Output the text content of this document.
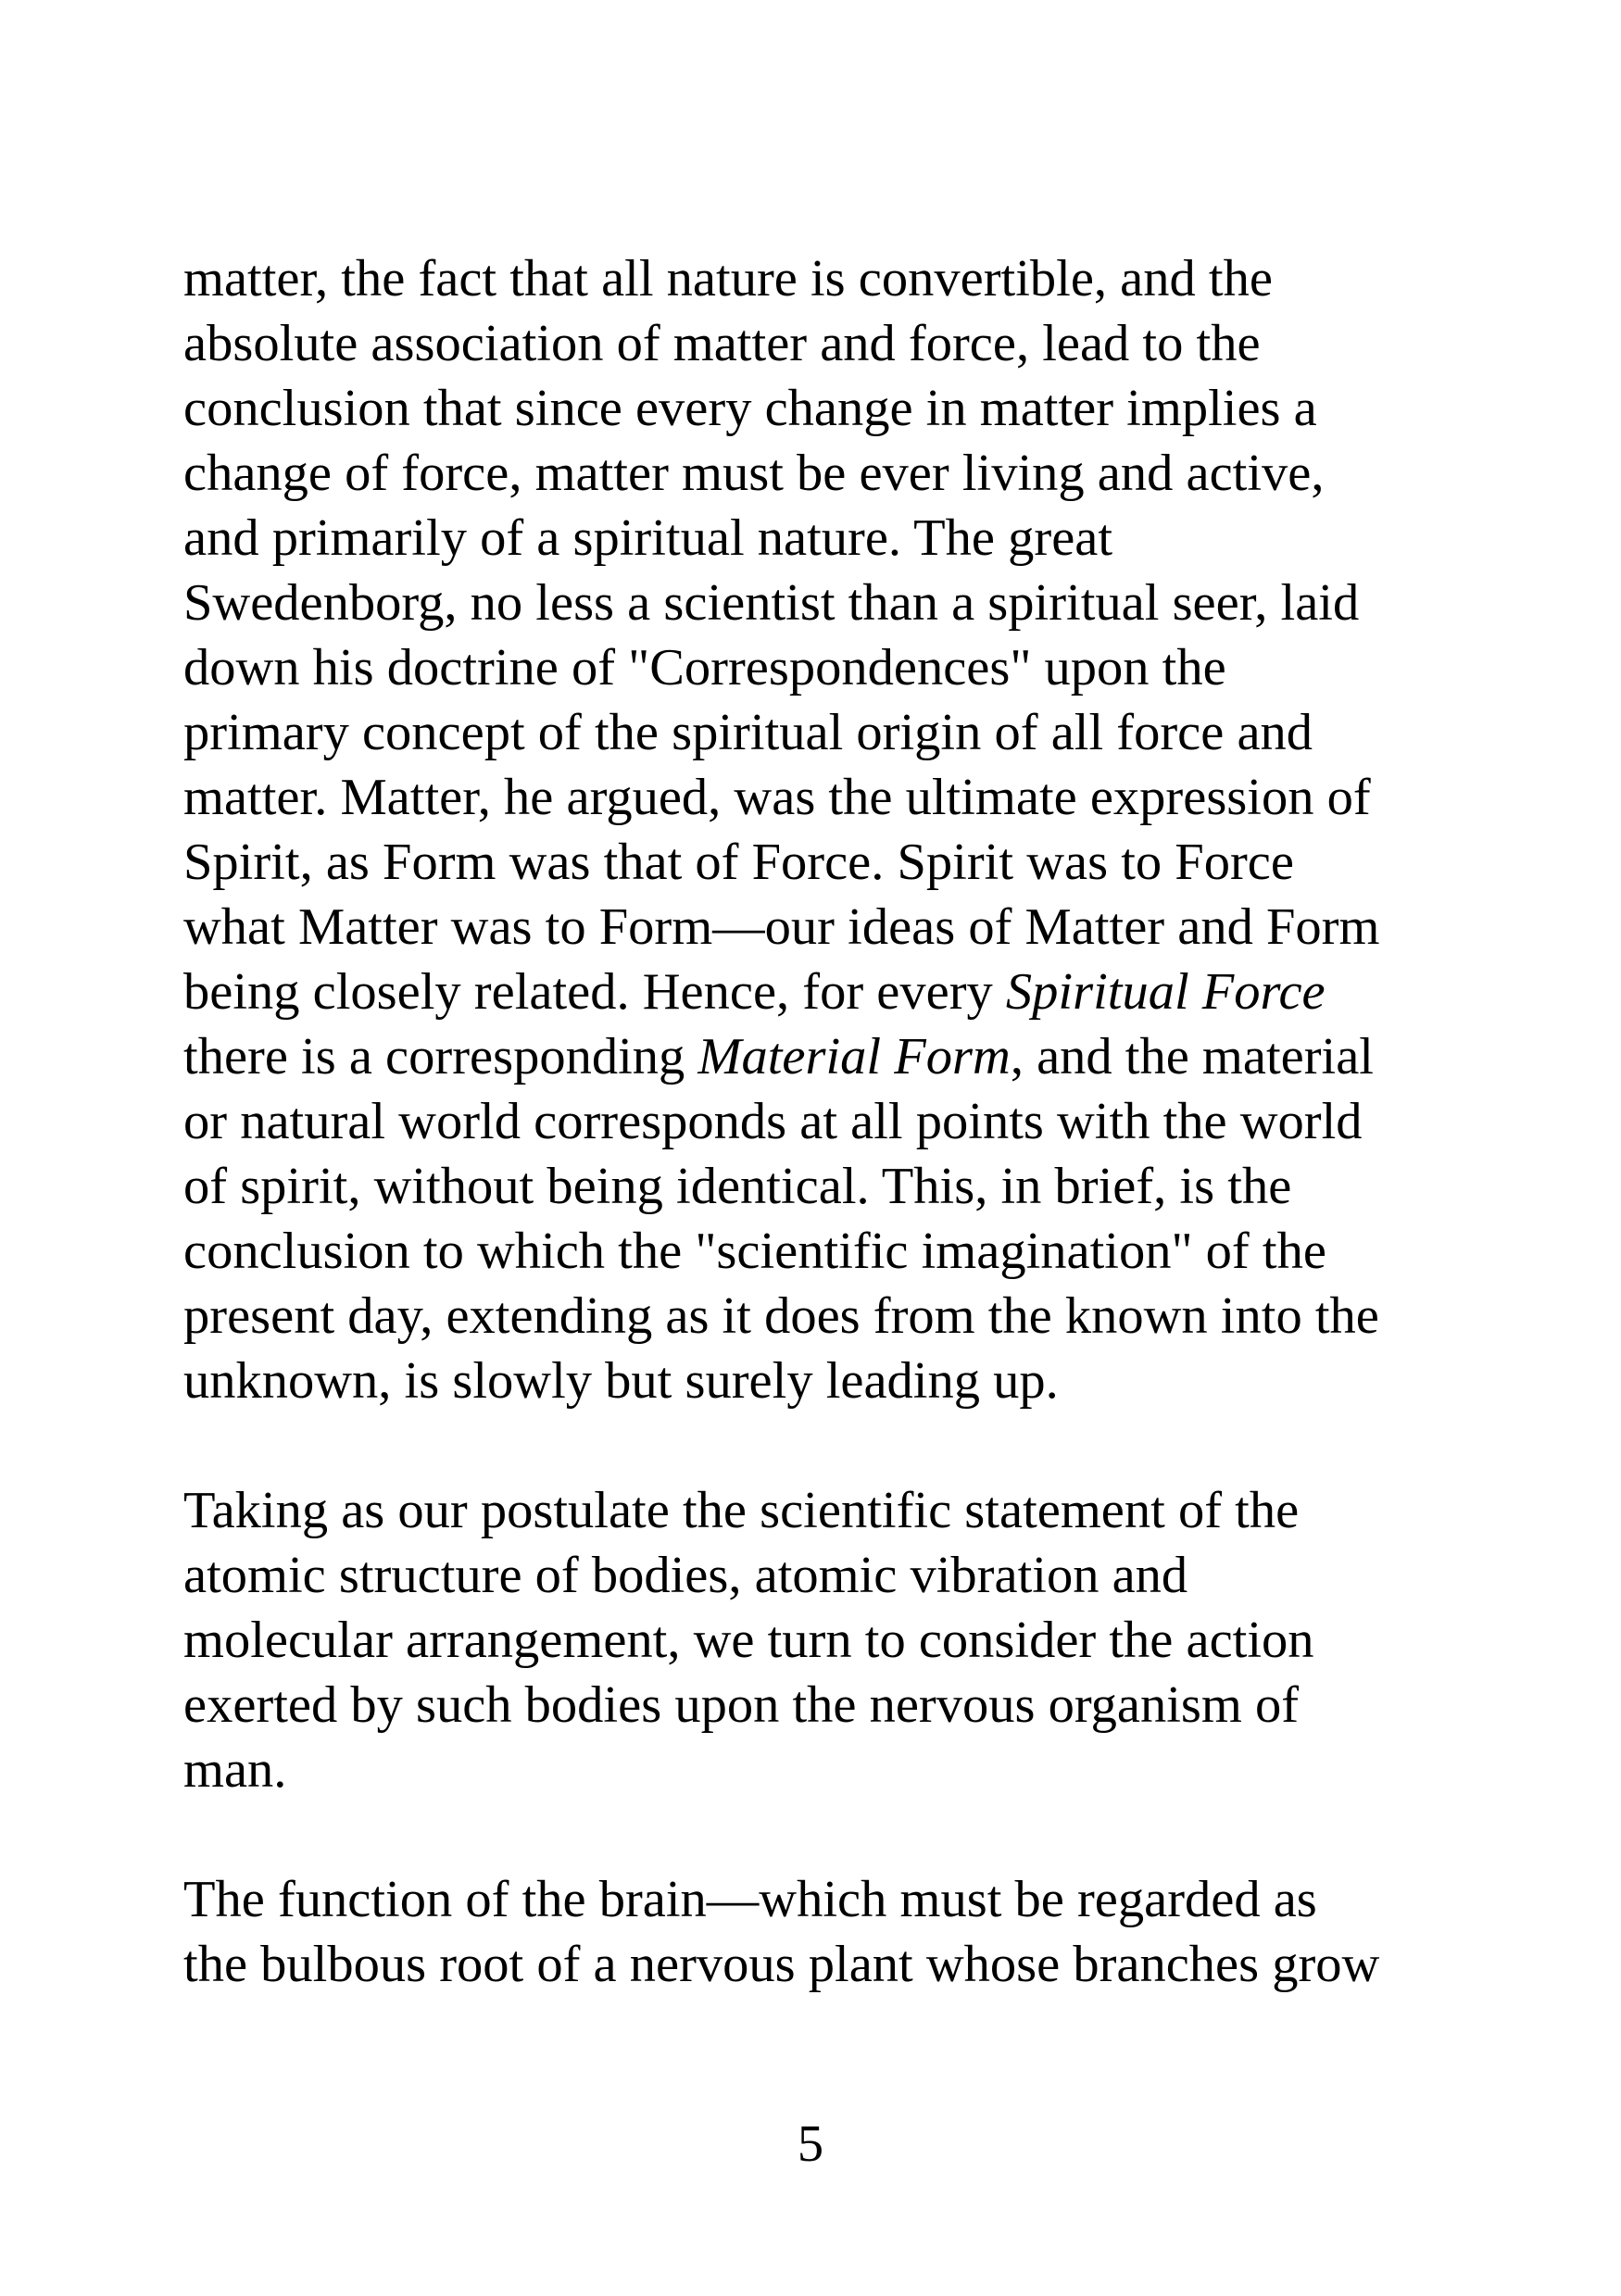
matter, the fact that all nature is convertible, and the
absolute association of matter and force, lead to the
conclusion that since every change in matter implies a
change of force, matter must be ever living and active,
and primarily of a spiritual nature. The great
Swedenborg, no less a scientist than a spiritual seer, laid
down his doctrine of "Correspondences" upon the
primary concept of the spiritual origin of all force and
matter. Matter, he argued, was the ultimate expression of
Spirit, as Form was that of Force. Spirit was to Force
what Matter was to Form—our ideas of Matter and Form
being closely related. Hence, for every Spiritual Force
there is a corresponding Material Form, and the material
or natural world corresponds at all points with the world
of spirit, without being identical. This, in brief, is the
conclusion to which the "scientific imagination" of the
present day, extending as it does from the known into the
unknown, is slowly but surely leading up.
Taking as our postulate the scientific statement of the
atomic structure of bodies, atomic vibration and
molecular arrangement, we turn to consider the action
exerted by such bodies upon the nervous organism of
man.
The function of the brain—which must be regarded as
the bulbous root of a nervous plant whose branches grow
5
